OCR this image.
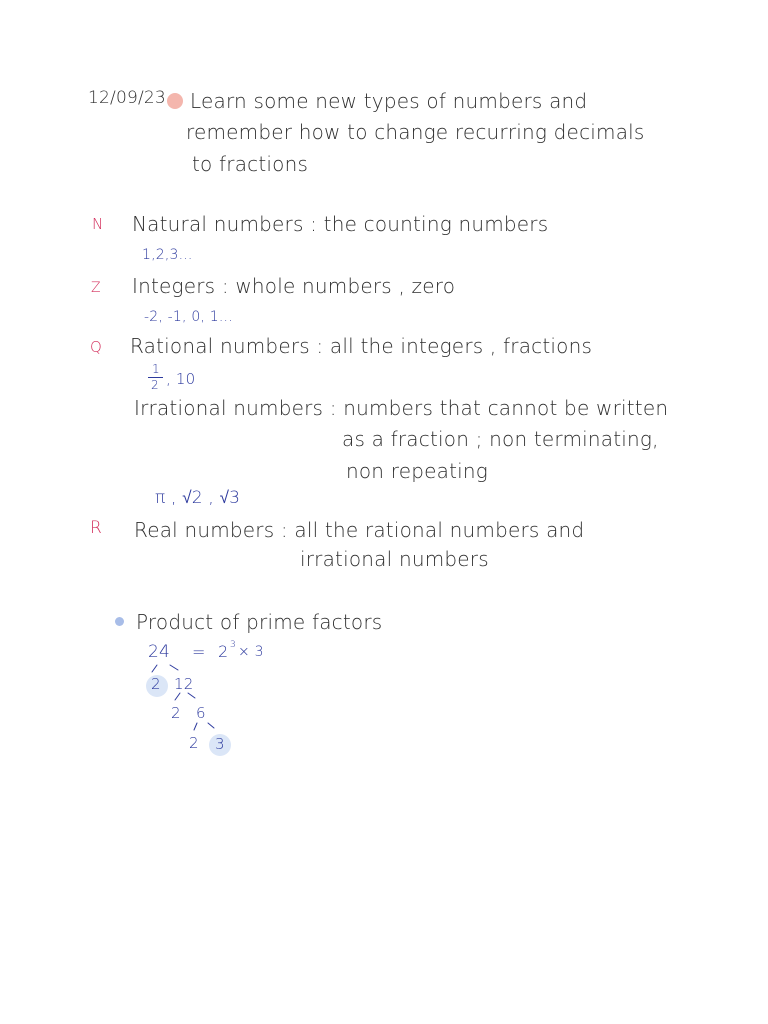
12/09/23 Learn some new types of numbers and
remember how to change recurring decimals
to fractions
N Natural numbers : the counting numbers
1,2,3...
Z Integers : whole numbers , zero
-2, -1, 0, 1...
Q Rational numbers : all the integers , fractions
1
2 , 10
Irrational numbers : numbers that cannot be written
as a fraction ; non terminating,
non repeating
π , √2 , √3
R Real numbers : all the rational numbers and
irrational numbers
Product of prime factors
24 = 2 3 × 3
2 12
2 6
2 3
